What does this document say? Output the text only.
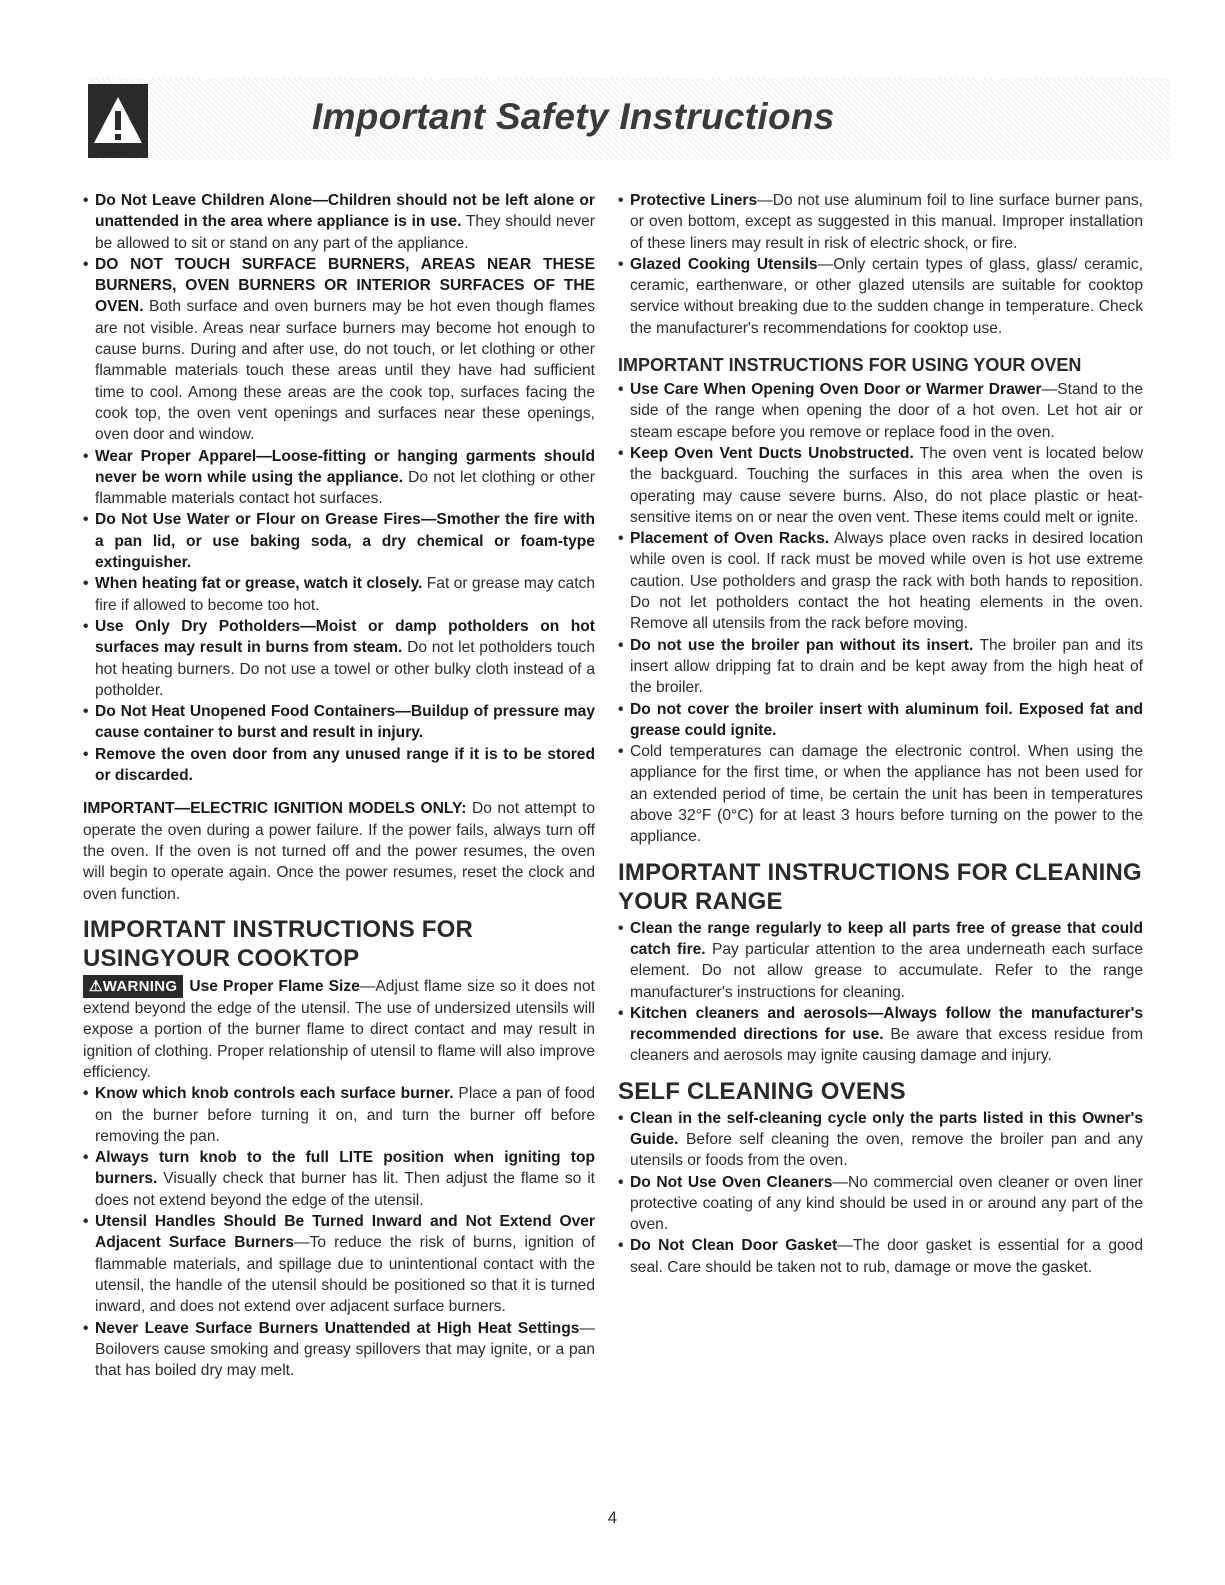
Important Safety Instructions

• Do Not Leave Children Alone—Children should not be left alone or unattended in the area where appliance is in use. They should never be allowed to sit or stand on any part of the appliance.

• DO NOT TOUCH SURFACE BURNERS, AREAS NEAR THESE BURNERS, OVEN BURNERS OR INTERIOR SURFACES OF THE OVEN. Both surface and oven burners may be hot even though flames are not visible. Areas near surface burners may become hot enough to cause burns. During and after use, do not touch, or let clothing or other flammable materials touch these areas until they have had sufficient time to cool. Among these areas are the cook top, surfaces facing the cook top, the oven vent openings and surfaces near these openings, oven door and window.

• Wear Proper Apparel—Loose-fitting or hanging garments should never be worn while using the appliance. Do not let clothing or other flammable materials contact hot surfaces.

• Do Not Use Water or Flour on Grease Fires—Smother the fire with a pan lid, or use baking soda, a dry chemical or foam-type extinguisher.

• When heating fat or grease, watch it closely. Fat or grease may catch fire if allowed to become too hot.

• Use Only Dry Potholders—Moist or damp potholders on hot surfaces may result in burns from steam. Do not let potholders touch hot heating burners. Do not use a towel or other bulky cloth instead of a potholder.

• Do Not Heat Unopened Food Containers—Buildup of pressure may cause container to burst and result in injury.

• Remove the oven door from any unused range if it is to be stored or discarded.

IMPORTANT—ELECTRIC IGNITION MODELS ONLY: Do not attempt to operate the oven during a power failure. If the power fails, always turn off the oven. If the oven is not turned off and the power resumes, the oven will begin to operate again. Once the power resumes, reset the clock and oven function.

IMPORTANT INSTRUCTIONS FOR USINGYOUR COOKTOP

⚠WARNING Use Proper Flame Size—Adjust flame size so it does not extend beyond the edge of the utensil. The use of undersized utensils will expose a portion of the burner flame to direct contact and may result in ignition of clothing. Proper relationship of utensil to flame will also improve efficiency.

• Know which knob controls each surface burner. Place a pan of food on the burner before turning it on, and turn the burner off before removing the pan.

• Always turn knob to the full LITE position when igniting top burners. Visually check that burner has lit. Then adjust the flame so it does not extend beyond the edge of the utensil.

• Utensil Handles Should Be Turned Inward and Not Extend Over Adjacent Surface Burners—To reduce the risk of burns, ignition of flammable materials, and spillage due to unintentional contact with the utensil, the handle of the utensil should be positioned so that it is turned inward, and does not extend over adjacent surface burners.

• Never Leave Surface Burners Unattended at High Heat Settings—Boilovers cause smoking and greasy spillovers that may ignite, or a pan that has boiled dry may melt.

• Protective Liners—Do not use aluminum foil to line surface burner pans, or oven bottom, except as suggested in this manual. Improper installation of these liners may result in risk of electric shock, or fire.

• Glazed Cooking Utensils—Only certain types of glass, glass/ ceramic, ceramic, earthenware, or other glazed utensils are suitable for cooktop service without breaking due to the sudden change in temperature. Check the manufacturer's recommendations for cooktop use.

IMPORTANT INSTRUCTIONS FOR USING YOUR OVEN

• Use Care When Opening Oven Door or Warmer Drawer—Stand to the side of the range when opening the door of a hot oven. Let hot air or steam escape before you remove or replace food in the oven.

• Keep Oven Vent Ducts Unobstructed. The oven vent is located below the backguard. Touching the surfaces in this area when the oven is operating may cause severe burns. Also, do not place plastic or heat-sensitive items on or near the oven vent. These items could melt or ignite.

• Placement of Oven Racks. Always place oven racks in desired location while oven is cool. If rack must be moved while oven is hot use extreme caution. Use potholders and grasp the rack with both hands to reposition. Do not let potholders contact the hot heating elements in the oven. Remove all utensils from the rack before moving.

• Do not use the broiler pan without its insert. The broiler pan and its insert allow dripping fat to drain and be kept away from the high heat of the broiler.

• Do not cover the broiler insert with aluminum foil. Exposed fat and grease could ignite.

• Cold temperatures can damage the electronic control. When using the appliance for the first time, or when the appliance has not been used for an extended period of time, be certain the unit has been in temperatures above 32°F (0°C) for at least 3 hours before turning on the power to the appliance.

IMPORTANT INSTRUCTIONS FOR CLEANING YOUR RANGE

• Clean the range regularly to keep all parts free of grease that could catch fire. Pay particular attention to the area underneath each surface element. Do not allow grease to accumulate. Refer to the range manufacturer's instructions for cleaning.

• Kitchen cleaners and aerosols—Always follow the manufacturer's recommended directions for use. Be aware that excess residue from cleaners and aerosols may ignite causing damage and injury.

SELF CLEANING OVENS

• Clean in the self-cleaning cycle only the parts listed in this Owner's Guide. Before self cleaning the oven, remove the broiler pan and any utensils or foods from the oven.

• Do Not Use Oven Cleaners—No commercial oven cleaner or oven liner protective coating of any kind should be used in or around any part of the oven.

• Do Not Clean Door Gasket—The door gasket is essential for a good seal. Care should be taken not to rub, damage or move the gasket.

4
